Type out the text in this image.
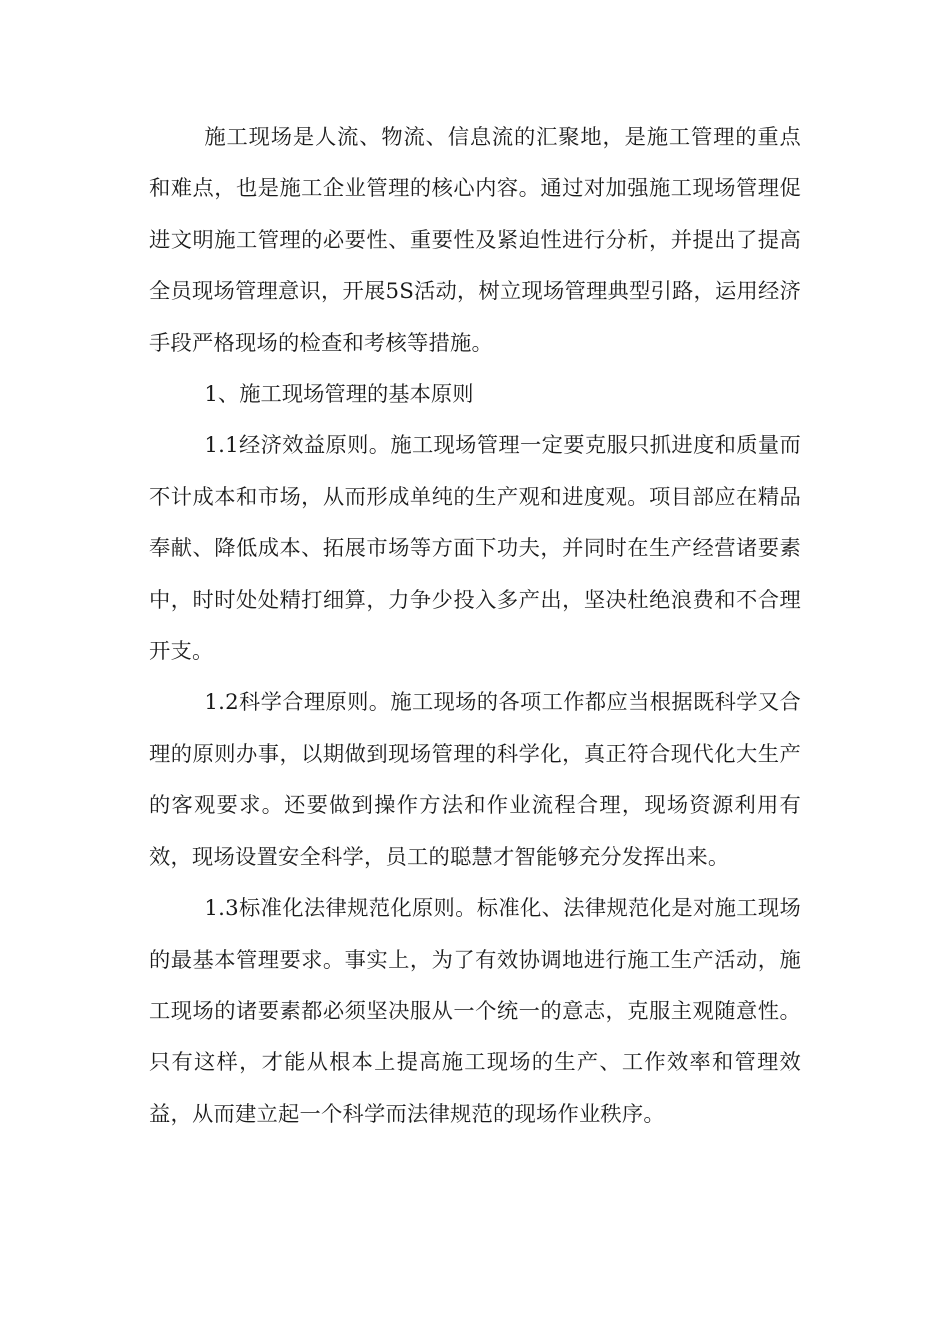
施工现场是人流、物流、信息流的汇聚地，是施工管理的重点和难点，也是施工企业管理的核心内容。通过对加强施工现场管理促进文明施工管理的必要性、重要性及紧迫性进行分析，并提出了提高全员现场管理意识，开展5S活动，树立现场管理典型引路，运用经济手段严格现场的检查和考核等措施。

1、施工现场管理的基本原则

1.1经济效益原则。施工现场管理一定要克服只抓进度和质量而不计成本和市场，从而形成单纯的生产观和进度观。项目部应在精品奉献、降低成本、拓展市场等方面下功夫，并同时在生产经营诸要素中，时时处处精打细算，力争少投入多产出，坚决杜绝浪费和不合理开支。

1.2科学合理原则。施工现场的各项工作都应当根据既科学又合理的原则办事，以期做到现场管理的科学化，真正符合现代化大生产的客观要求。还要做到操作方法和作业流程合理，现场资源利用有效，现场设置安全科学，员工的聪慧才智能够充分发挥出来。

1.3标准化法律规范化原则。标准化、法律规范化是对施工现场的最基本管理要求。事实上，为了有效协调地进行施工生产活动，施工现场的诸要素都必须坚决服从一个统一的意志，克服主观随意性。只有这样，才能从根本上提高施工现场的生产、工作效率和管理效益，从而建立起一个科学而法律规范的现场作业秩序。
